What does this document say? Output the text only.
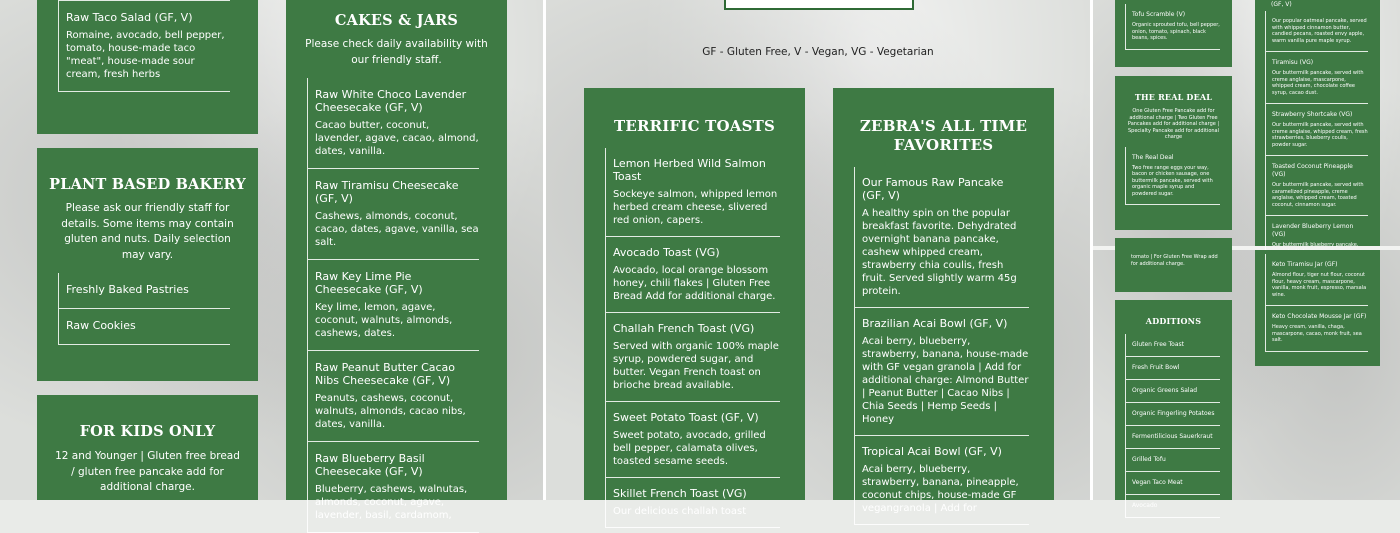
Raw Taco Salad (GF, V)
Romaine, avocado, bell pepper, tomato, house-made taco "meat", house-made sour cream, fresh herbs
PLANT BASED BAKERY
Please ask our friendly staff for details. Some items may contain gluten and nuts. Daily selection may vary.
Freshly Baked Pastries
Raw Cookies
FOR KIDS ONLY
12 and Younger | Gluten free bread / gluten free pancake add for additional charge.
CAKES & JARS
Please check daily availability with our friendly staff.
Raw White Choco Lavender Cheesecake (GF, V)
Cacao butter, coconut, lavender, agave, cacao, almond, dates, vanilla.
Raw Tiramisu Cheesecake (GF, V)
Cashews, almonds, coconut, cacao, dates, agave, vanilla, sea salt.
Raw Key Lime Pie Cheesecake (GF, V)
Key lime, lemon, agave, coconut, walnuts, almonds, cashews, dates.
Raw Peanut Butter Cacao Nibs Cheesecake (GF, V)
Peanuts, cashews, coconut, walnuts, almonds, cacao nibs, dates, vanilla.
Raw Blueberry Basil Cheesecake (GF, V)
Blueberry, cashews, walnutas, almonds, coconut, agave, lavender, basil, cardamom,
GF - Gluten Free, V - Vegan, VG - Vegetarian
TERRIFIC TOASTS
Lemon Herbed Wild Salmon Toast
Sockeye salmon, whipped lemon herbed cream cheese, slivered red onion, capers.
Avocado Toast (VG)
Avocado, local orange blossom honey, chili flakes | Gluten Free Bread Add for additional charge.
Challah French Toast (VG)
Served with organic 100% maple syrup, powdered sugar, and butter. Vegan French toast on brioche bread available.
Sweet Potato Toast (GF, V)
Sweet potato, avocado, grilled bell pepper, calamata olives, toasted sesame seeds.
Skillet French Toast (VG)
Our delicious challah toast
ZEBRA'S ALL TIME FAVORITES
Our Famous Raw Pancake (GF, V)
A healthy spin on the popular breakfast favorite. Dehydrated overnight banana pancake, cashew whipped cream, strawberry chia coulis, fresh fruit. Served slightly warm 45g protein.
Brazilian Acai Bowl (GF, V)
Acai berry, blueberry, strawberry, banana, house-made with GF vegan granola | Add for additional charge: Almond Butter | Peanut Butter | Cacao Nibs | Chia Seeds | Hemp Seeds | Honey
Tropical Acai Bowl (GF, V)
Acai berry, blueberry, strawberry, banana, pineapple, coconut chips, house-made GF vegangranola | Add for
Tofu Scramble (V)
Organic sprouted tofu, bell pepper, onion, tomato, spinach, black beans, spices.
THE REAL DEAL
One Gluten Free Pancake add for additional charge | Two Gluten Free Pancakes add for additional charge | Specialty Pancake add for additional charge
The Real Deal
Two free range eggs your way, bacon or chicken sausage, one buttermilk pancake, served with organic maple syrup and powdered sugar.
tomato | For Gluten Free Wrap add for additional charge.
ADDITIONS
Gluten Free Toast
Fresh Fruit Bowl
Organic Greens Salad
Organic Fingerling Potatoes
Fermentilicious Sauerkraut
Grilled Tofu
Vegan Taco Meat
Avocado
(GF, V)
Our popular oatmeal pancake, served with whipped cinnamon butter, candied pecans, roasted envy apple, warm vanilla pure maple syrup.
Tiramisu (VG)
Our buttermilk pancake, served with creme anglaise, mascarpone, whipped cream, chocolate coffee syrup, cacao dust.
Strawberry Shortcake (VG)
Our buttermilk pancake, served with creme anglaise, whipped cream, fresh strawberries, blueberry coulis, powder sugar.
Toasted Coconut Pineapple (VG)
Our buttermilk pancake, served with caramelized pineapple, creme anglaise, whipped cream, toasted coconut, cinnamon sugar.
Lavender Blueberry Lemon (VG)
Our buttermilk blueberry pancake,
Keto Tiramisu Jar (GF)
Almond flour, tiger nut flour, coconut flour, heavy cream, mascarpone, vanilla, monk fruit, espresso, marsala wine.
Keto Chocolate Mousse Jar (GF)
Heavy cream, vanilla, chaga, mascarpone, cacao, monk fruit, sea salt.
